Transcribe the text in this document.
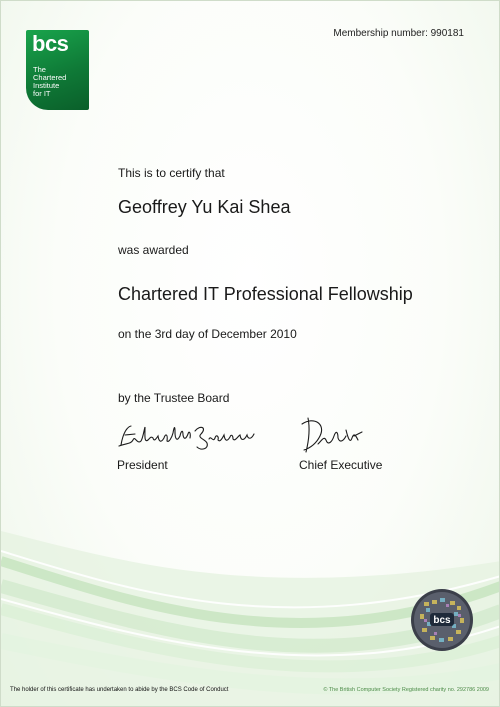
bcs
The
Chartered
Institute
for IT
Membership number: 990181
This is to certify that
Geoffrey Yu Kai Shea
was awarded
Chartered IT Professional Fellowship
on the 3rd day of December 2010
by the Trustee Board
President	Chief Executive
bcs
The holder of this certificate has undertaken to abide by the BCS Code of Conduct	© The British Computer Society Registered charity no. 292786 2009
